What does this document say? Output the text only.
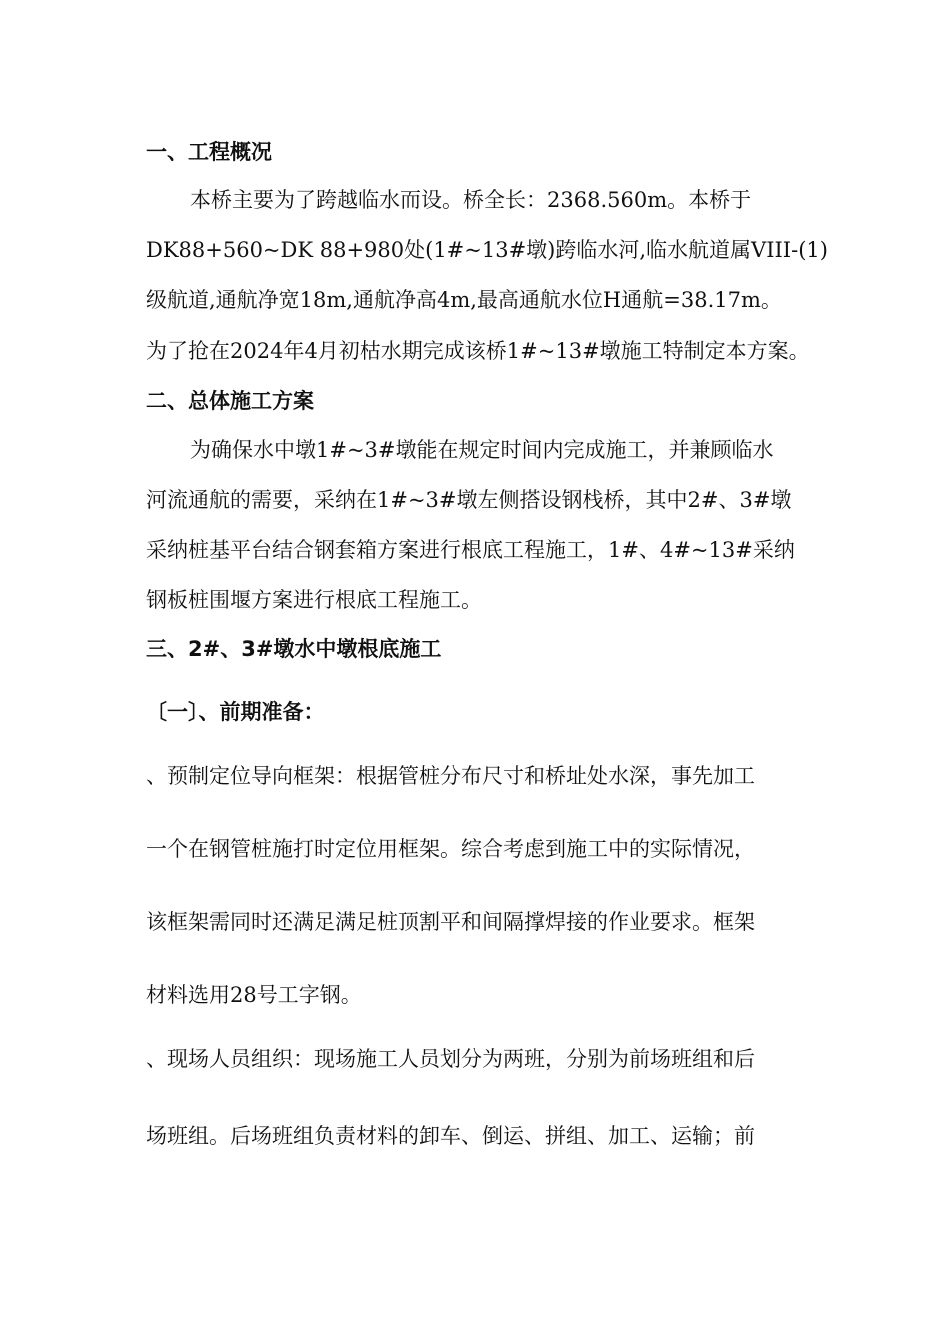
一、工程概况
本桥主要为了跨越临水而设。桥全长：2368.560m。本桥于
DK88+560~DK 88+980处(1#~13#墩)跨临水河,临水航道属VIII-(1)
级航道,通航净宽18m,通航净高4m,最高通航水位H通航=38.17m。
为了抢在2024年4月初枯水期完成该桥1#~13#墩施工特制定本方案。
二、总体施工方案
为确保水中墩1#~3#墩能在规定时间内完成施工，并兼顾临水
河流通航的需要，采纳在1#~3#墩左侧搭设钢栈桥，其中2#、3#墩
采纳桩基平台结合钢套箱方案进行根底工程施工，1#、4#~13#采纳
钢板桩围堰方案进行根底工程施工。
三、2#、3#墩水中墩根底施工
〔一〕、前期准备：
、预制定位导向框架：根据管桩分布尺寸和桥址处水深，事先加工
一个在钢管桩施打时定位用框架。综合考虑到施工中的实际情况，
该框架需同时还满足满足桩顶割平和间隔撑焊接的作业要求。框架
材料选用28号工字钢。
、现场人员组织：现场施工人员划分为两班，分别为前场班组和后
场班组。后场班组负责材料的卸车、倒运、拼组、加工、运输；前
